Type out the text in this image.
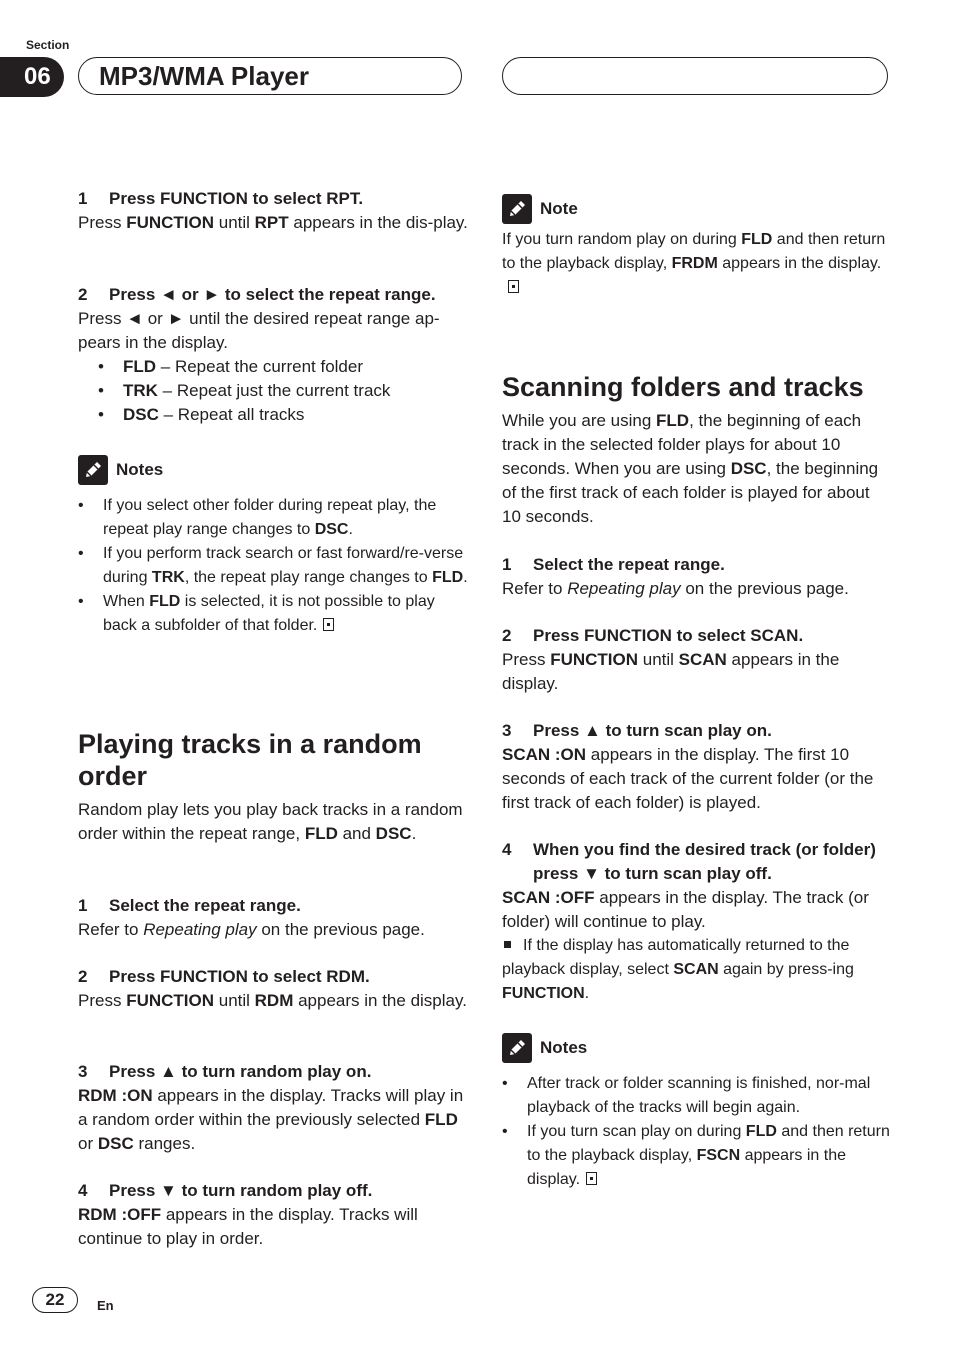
Section
06	MP3/WMA Player
1 Press FUNCTION to select RPT.
Press FUNCTION until RPT appears in the dis-play.
2 Press ◄ or ► to select the repeat range.
Press ◄ or ► until the desired repeat range ap-pears in the display.
• FLD – Repeat the current folder
• TRK – Repeat just the current track
• DSC – Repeat all tracks
Notes
• If you select other folder during repeat play, the repeat play range changes to DSC.
• If you perform track search or fast forward/re-verse during TRK, the repeat play range changes to FLD.
• When FLD is selected, it is not possible to play back a subfolder of that folder.
Playing tracks in a random order
Random play lets you play back tracks in a random order within the repeat range, FLD and DSC.
1 Select the repeat range.
Refer to Repeating play on the previous page.
2 Press FUNCTION to select RDM.
Press FUNCTION until RDM appears in the display.
3 Press ▲ to turn random play on.
RDM :ON appears in the display. Tracks will play in a random order within the previously selected FLD or DSC ranges.
4 Press ▼ to turn random play off.
RDM :OFF appears in the display. Tracks will continue to play in order.
Note
If you turn random play on during FLD and then return to the playback display, FRDM appears in the display.
Scanning folders and tracks
While you are using FLD, the beginning of each track in the selected folder plays for about 10 seconds. When you are using DSC, the beginning of the first track of each folder is played for about 10 seconds.
1 Select the repeat range.
Refer to Repeating play on the previous page.
2 Press FUNCTION to select SCAN.
Press FUNCTION until SCAN appears in the display.
3 Press ▲ to turn scan play on.
SCAN :ON appears in the display. The first 10 seconds of each track of the current folder (or the first track of each folder) is played.
4 When you find the desired track (or folder) press ▼ to turn scan play off.
SCAN :OFF appears in the display. The track (or folder) will continue to play.
If the display has automatically returned to the playback display, select SCAN again by press-ing FUNCTION.
Notes
• After track or folder scanning is finished, nor-mal playback of the tracks will begin again.
• If you turn scan play on during FLD and then return to the playback display, FSCN appears in the display.
22	En
